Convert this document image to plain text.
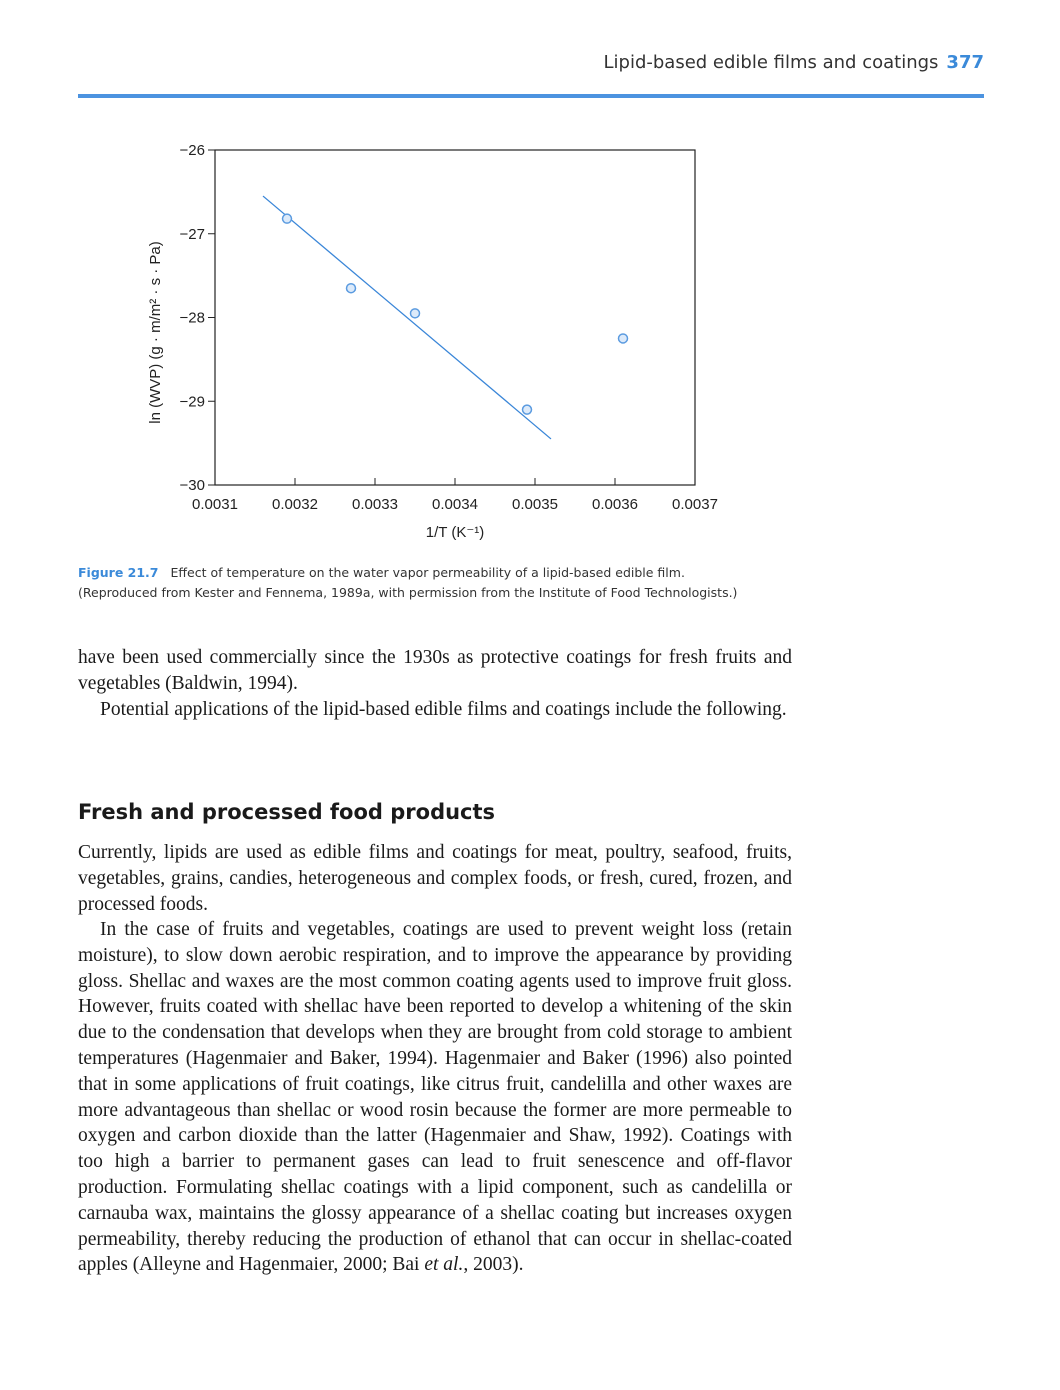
Lipid-based edible films and coatings 377
0.0031 0.0032 0.0033 0.0034 0.0035 0.0036 0.0037
−26
−27
−28
−29
−30
1/T (K⁻¹)
ln (WVP) (g · m/m² · s · Pa)
Figure 21.7 Effect of temperature on the water vapor permeability of a lipid-based edible film.
(Reproduced from Kester and Fennema, 1989a, with permission from the Institute of Food Technologists.)

have been used commercially since the 1930s as protective coatings for fresh fruits and vegetables (Baldwin, 1994).

Potential applications of the lipid-based edible films and coatings include the following.

Fresh and processed food products

Currently, lipids are used as edible films and coatings for meat, poultry, seafood, fruits, vegetables, grains, candies, heterogeneous and complex foods, or fresh, cured, frozen, and processed foods.

In the case of fruits and vegetables, coatings are used to prevent weight loss (retain moisture), to slow down aerobic respiration, and to improve the appearance by providing gloss. Shellac and waxes are the most common coating agents used to improve fruit gloss. However, fruits coated with shellac have been reported to develop a whitening of the skin due to the condensation that develops when they are brought from cold storage to ambient temperatures (Hagenmaier and Baker, 1994). Hagenmaier and Baker (1996) also pointed that in some applications of fruit coatings, like citrus fruit, candelilla and other waxes are more advantageous than shellac or wood rosin because the former are more permeable to oxygen and carbon dioxide than the latter (Hagenmaier and Shaw, 1992). Coatings with too high a barrier to permanent gases can lead to fruit senescence and off-flavor production. Formulating shellac coatings with a lipid component, such as candelilla or carnauba wax, maintains the glossy appearance of a shellac coating but increases oxygen permeability, thereby reducing the production of ethanol that can occur in shellac-coated apples (Alleyne and Hagenmaier, 2000; Bai et al., 2003).
